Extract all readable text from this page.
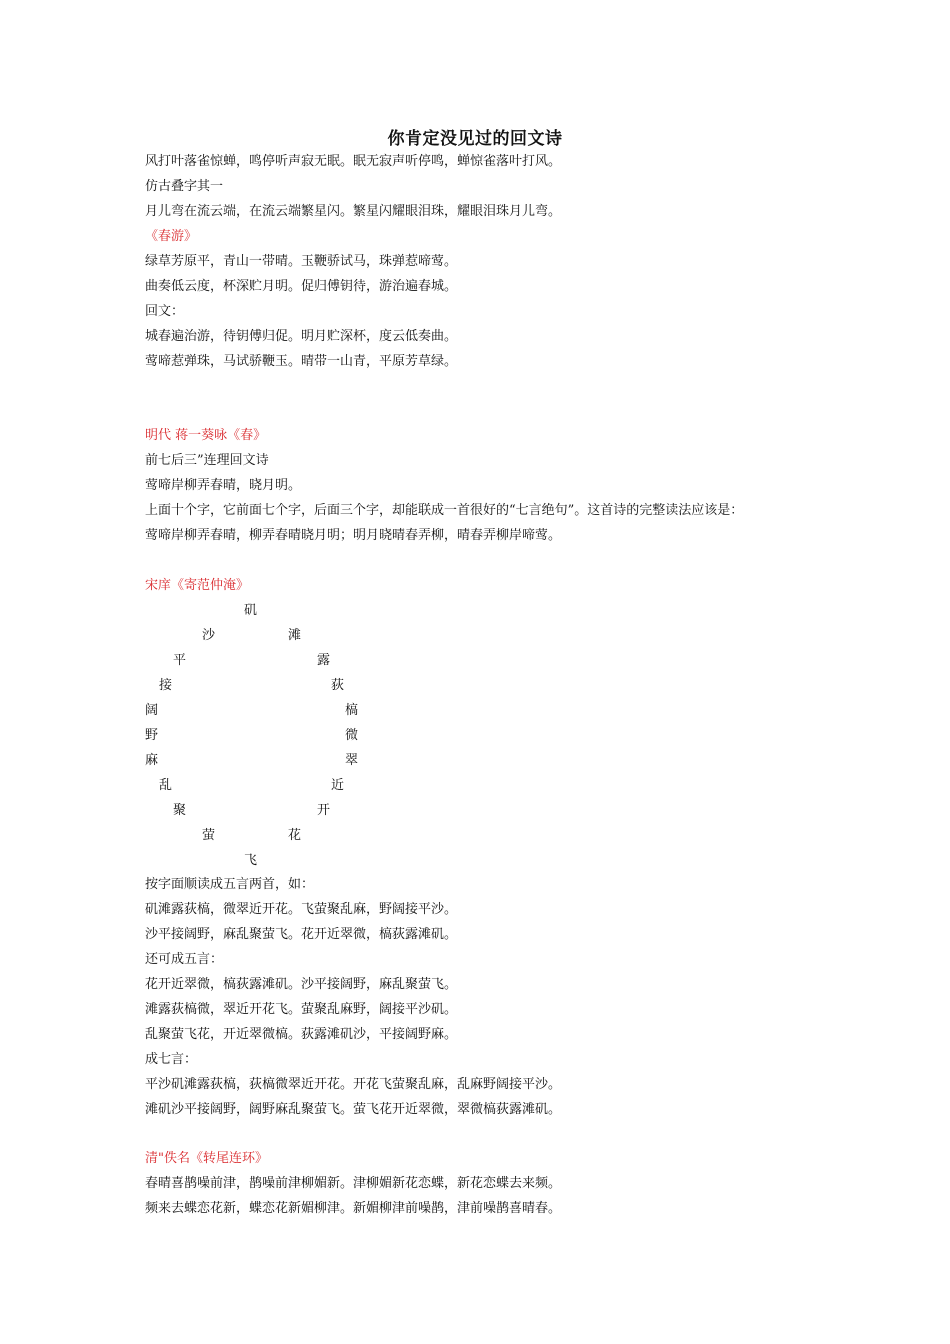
你肯定没见过的回文诗
风打叶落雀惊蝉，鸣停听声寂无眠。眠无寂声听停鸣，蝉惊雀落叶打风。
仿古叠字其一
月儿弯在流云端，在流云端繁星闪。繁星闪耀眼泪珠，耀眼泪珠月儿弯。
《春游》
绿草芳原平，青山一带晴。玉鞭骄试马，珠弹惹啼莺。
曲奏低云度，杯深贮月明。促归傅钥待，游治遍春城。
回文：
城春遍治游，待钥傅归促。明月贮深杯，度云低奏曲。
莺啼惹弹珠，马试骄鞭玉。晴带一山青，平原芳草绿。
明代 蒋一葵咏《春》
前七后三”连理回文诗
莺啼岸柳弄春晴，晓月明。
上面十个字，它前面七个字，后面三个字，却能联成一首很好的“七言绝句”。这首诗的完整读法应该是：
莺啼岸柳弄春晴，柳弄春晴晓月明；明月晓晴春弄柳，晴春弄柳岸啼莺。
宋庠《寄范仲淹》
矶
沙	滩
平	露
接	荻
阔	槁
野	微
麻	翠
乱	近
聚	开
萤	花
飞
按字面顺读成五言两首，如：
矶滩露荻槁，微翠近开花。飞萤聚乱麻，野阔接平沙。
沙平接阔野，麻乱聚萤飞。花开近翠微，槁荻露滩矶。
还可成五言：
花开近翠微，槁荻露滩矶。沙平接阔野，麻乱聚萤飞。
滩露荻槁微，翠近开花飞。萤聚乱麻野，阔接平沙矶。
乱聚萤飞花，开近翠微槁。荻露滩矶沙，平接阔野麻。
成七言：
平沙矶滩露荻槁，荻槁微翠近开花。开花飞萤聚乱麻，乱麻野阔接平沙。
滩矶沙平接阔野，阔野麻乱聚萤飞。萤飞花开近翠微，翠微槁荻露滩矶。
清"佚名《转尾连环》
春晴喜鹊噪前津，鹊噪前津柳媚新。津柳媚新花恋蝶，新花恋蝶去来频。
频来去蝶恋花新，蝶恋花新媚柳津。新媚柳津前噪鹊，津前噪鹊喜晴春。
